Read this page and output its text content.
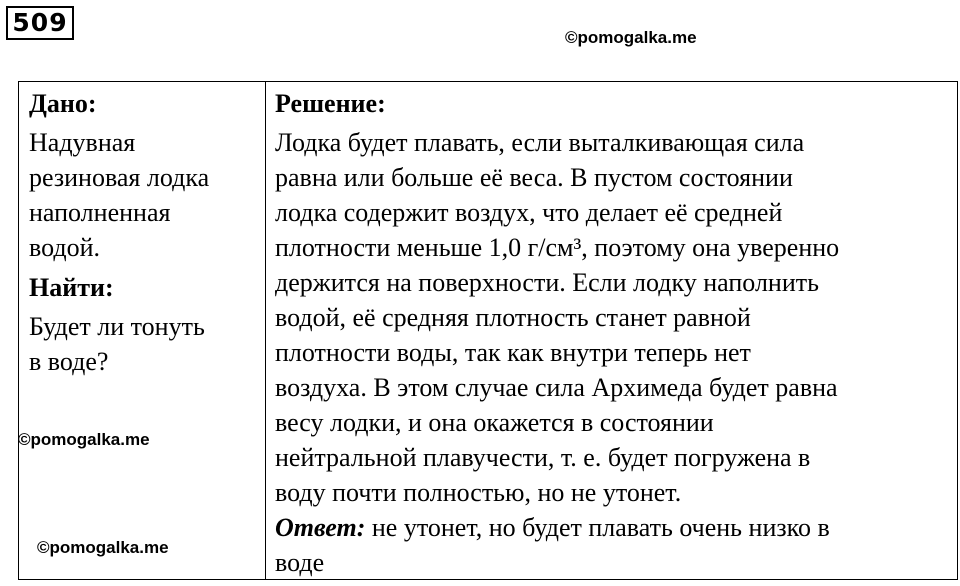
509
©pomogalka.me
Дано:
Надувная
резиновая лодка
наполненная
водой.
Найти:
Будет ли тонуть
в воде?
Решение:
Лодка будет плавать, если выталкивающая сила
равна или больше её веса. В пустом состоянии
лодка содержит воздух, что делает её средней
плотности меньше 1,0 г/см³, поэтому она уверенно
держится на поверхности. Если лодку наполнить
водой, её средняя плотность станет равной
плотности воды, так как внутри теперь нет
воздуха. В этом случае сила Архимеда будет равна
весу лодки, и она окажется в состоянии
нейтральной плавучести, т. е. будет погружена в
воду почти полностью, но не утонет.
Ответ: не утонет, но будет плавать очень низко в
воде
©pomogalka.me
©pomogalka.me
